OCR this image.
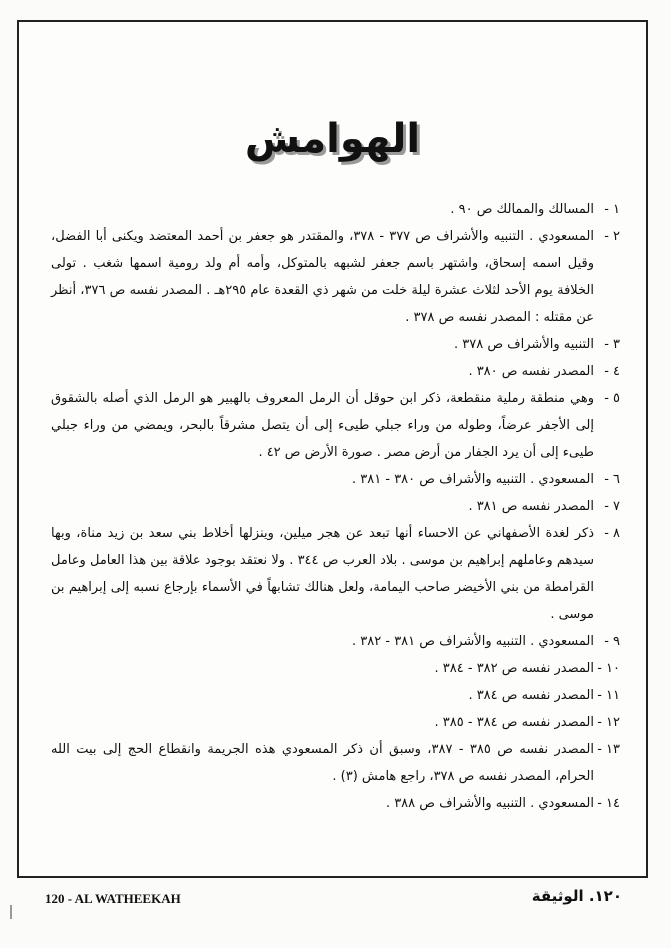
الهوامش
١ -
المسالك والممالك ص ٩٠ .
٢ -
المسعودي . التنبيه والأشراف ص ٣٧٧ - ٣٧٨، والمقتدر هو جعفر بن أحمد المعتضد ويكنى أبا الفضل، وقيل اسمه إسحاق، واشتهر باسم جعفر لشبهه بالمتوكل، وأمه أم ولد رومية اسمها شغب . تولى الخلافة يوم الأحد لثلاث عشرة ليلة خلت من شهر ذي القعدة عام ٢٩٥هـ . المصدر نفسه ص ٣٧٦، أنظر عن مقتله : المصدر نفسه ص ٣٧٨ .
٣ -
التنبيه والأشراف ص ٣٧٨ .
٤ -
المصدر نفسه ص ٣٨٠ .
٥ -
وهي منطقة رملية منقطعة، ذكر ابن حوقل أن الرمل المعروف بالهبير هو الرمل الذي أصله بالشقوق إلى الأجفر عرضاً، وطوله من وراء جبلي طيىء إلى أن يتصل مشرقاً بالبحر، ويمضي من وراء جبلي طيىء إلى أن يرد الجفار من أرض مصر . صورة الأرض ص ٤٢ .
٦ -
المسعودي . التنبيه والأشراف ص ٣٨٠ - ٣٨١ .
٧ -
المصدر نفسه ص ٣٨١ .
٨ -
ذكر لغدة الأصفهاني عن الاحساء أنها تبعد عن هجر ميلين، وينزلها أخلاط بني سعد بن زيد مناة، وبها سيدهم وعاملهم إبراهيم بن موسى . بلاد العرب ص ٣٤٤ . ولا نعتقد بوجود علاقة بين هذا العامل وعامل القرامطة من بني الأخيضر صاحب اليمامة، ولعل هنالك تشابهاً في الأسماء بإرجاع نسبه إلى إبراهيم بن موسى .
٩ -
المسعودي . التنبيه والأشراف ص ٣٨١ - ٣٨٢ .
١٠ -
المصدر نفسه ص ٣٨٢ - ٣٨٤ .
١١ -
المصدر نفسه ص ٣٨٤ .
١٢ -
المصدر نفسه ص ٣٨٤ - ٣٨٥ .
١٣ -
المصدر نفسه ص ٣٨٥ - ٣٨٧، وسبق أن ذكر المسعودي هذه الجريمة وانقطاع الحج إلى بيت الله الحرام، المصدر نفسه ص ٣٧٨، راجع هامش (٣) .
١٤ -
المسعودي . التنبيه والأشراف ص ٣٨٨ .
120 - AL WATHEEKAH	١٢٠. الوثيقة
